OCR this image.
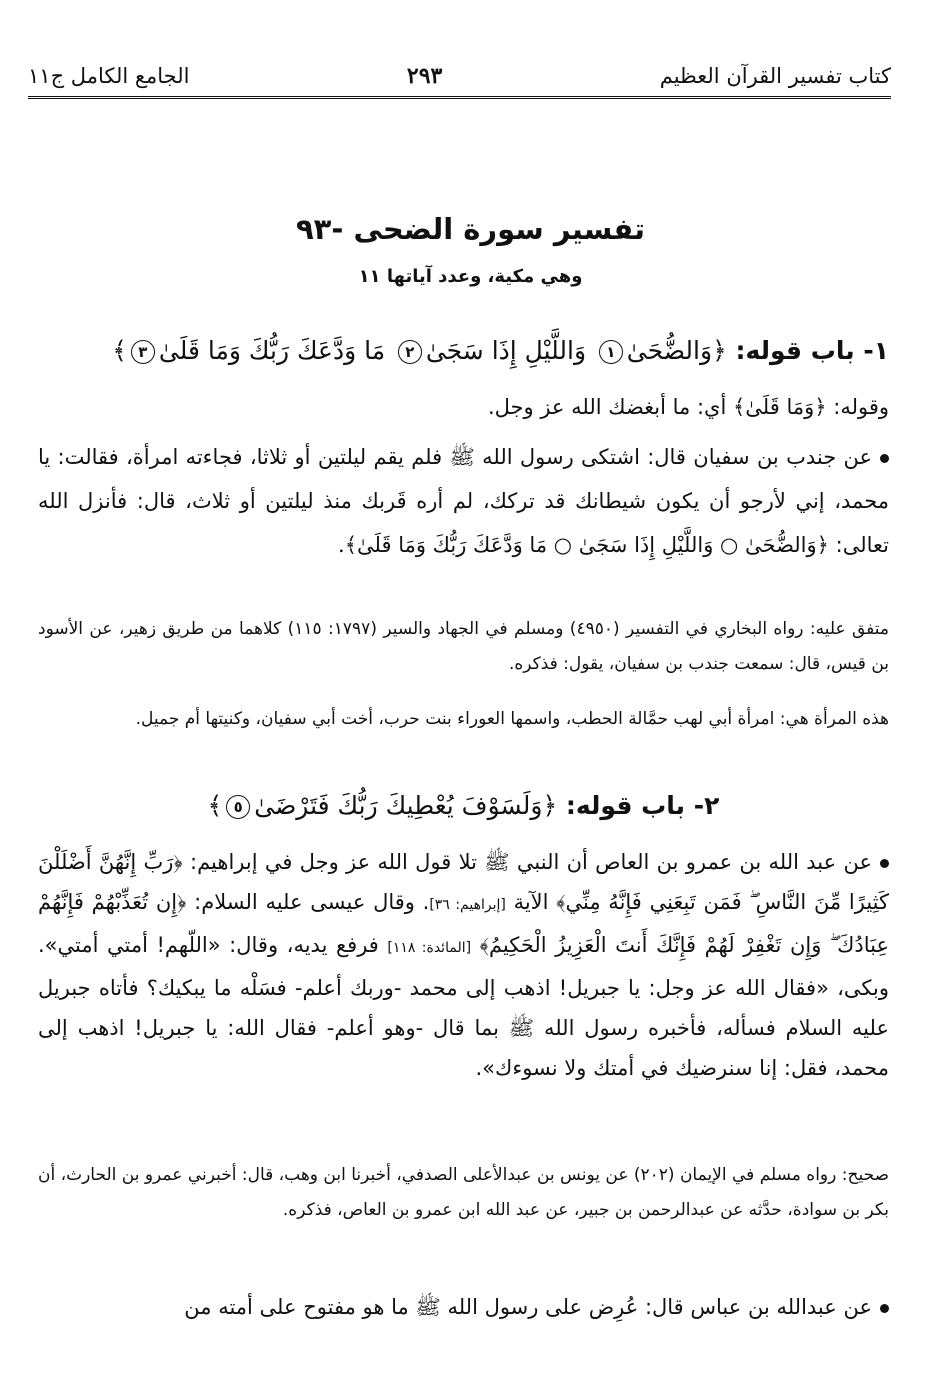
كتاب تفسير القرآن العظيم
٢٩٣
الجامع الكامل ج١١
تفسير سورة الضحى -٩٣
وهي مكية، وعدد آياتها ١١
١- باب قوله: ﴿وَالضُّحَىٰ١ وَاللَّيْلِ إِذَا سَجَىٰ٢ مَا وَدَّعَكَ رَبُّكَ وَمَا قَلَىٰ٣﴾
وقوله: ﴿وَمَا قَلَىٰ﴾ أي: ما أبغضك الله عز وجل.
عن جندب بن سفيان قال: اشتكى رسول الله ﷺ فلم يقم ليلتين أو ثلاثا، فجاءته امرأة، فقالت: يا محمد، إني لأرجو أن يكون شيطانك قد تركك، لم أره قَربك منذ ليلتين أو ثلاث، قال: فأنزل الله تعالى: ﴿وَالضُّحَىٰ ○ وَاللَّيْلِ إِذَا سَجَىٰ ○ مَا وَدَّعَكَ رَبُّكَ وَمَا قَلَىٰ﴾.
متفق عليه: رواه البخاري في التفسير (٤٩٥٠) ومسلم في الجهاد والسير (١٧٩٧: ١١٥) كلاهما من طريق زهير، عن الأسود بن قيس، قال: سمعت جندب بن سفيان، يقول: فذكره.
هذه المرأة هي: امرأة أبي لهب حمَّالة الحطب، واسمها العوراء بنت حرب، أخت أبي سفيان، وكنيتها أم جميل.
٢- باب قوله: ﴿وَلَسَوْفَ يُعْطِيكَ رَبُّكَ فَتَرْضَىٰ٥﴾
عن عبد الله بن عمرو بن العاص أن النبي ﷺ تلا قول الله عز وجل في إبراهيم: ﴿رَبِّ إِنَّهُنَّ أَضْلَلْنَ كَثِيرًا مِّنَ النَّاسِ ۖ فَمَن تَبِعَنِي فَإِنَّهُ مِنِّي﴾ الآية [إبراهيم: ٣٦]. وقال عيسى عليه السلام: ﴿إِن تُعَذِّبْهُمْ فَإِنَّهُمْ عِبَادُكَ ۖ وَإِن تَغْفِرْ لَهُمْ فَإِنَّكَ أَنتَ الْعَزِيزُ الْحَكِيمُ﴾ [المائدة: ١١٨] فرفع يديه، وقال: «اللّهم! أمتي أمتي». وبكى، «فقال الله عز وجل: يا جبريل! اذهب إلى محمد -وربك أعلم- فسَلْه ما يبكيك؟ فأتاه جبريل عليه السلام فسأله، فأخبره رسول الله ﷺ بما قال -وهو أعلم- فقال الله: يا جبريل! اذهب إلى محمد، فقل: إنا سنرضيك في أمتك ولا نسوءك».
صحيح: رواه مسلم في الإيمان (٢٠٢) عن يونس بن عبدالأعلى الصدفي، أخبرنا ابن وهب، قال: أخبرني عمرو بن الحارث، أن بكر بن سوادة، حدَّثه عن عبدالرحمن بن جبير، عن عبد الله ابن عمرو بن العاص، فذكره.
عن عبدالله بن عباس قال: عُرِض على رسول الله ﷺ ما هو مفتوح على أمته من
